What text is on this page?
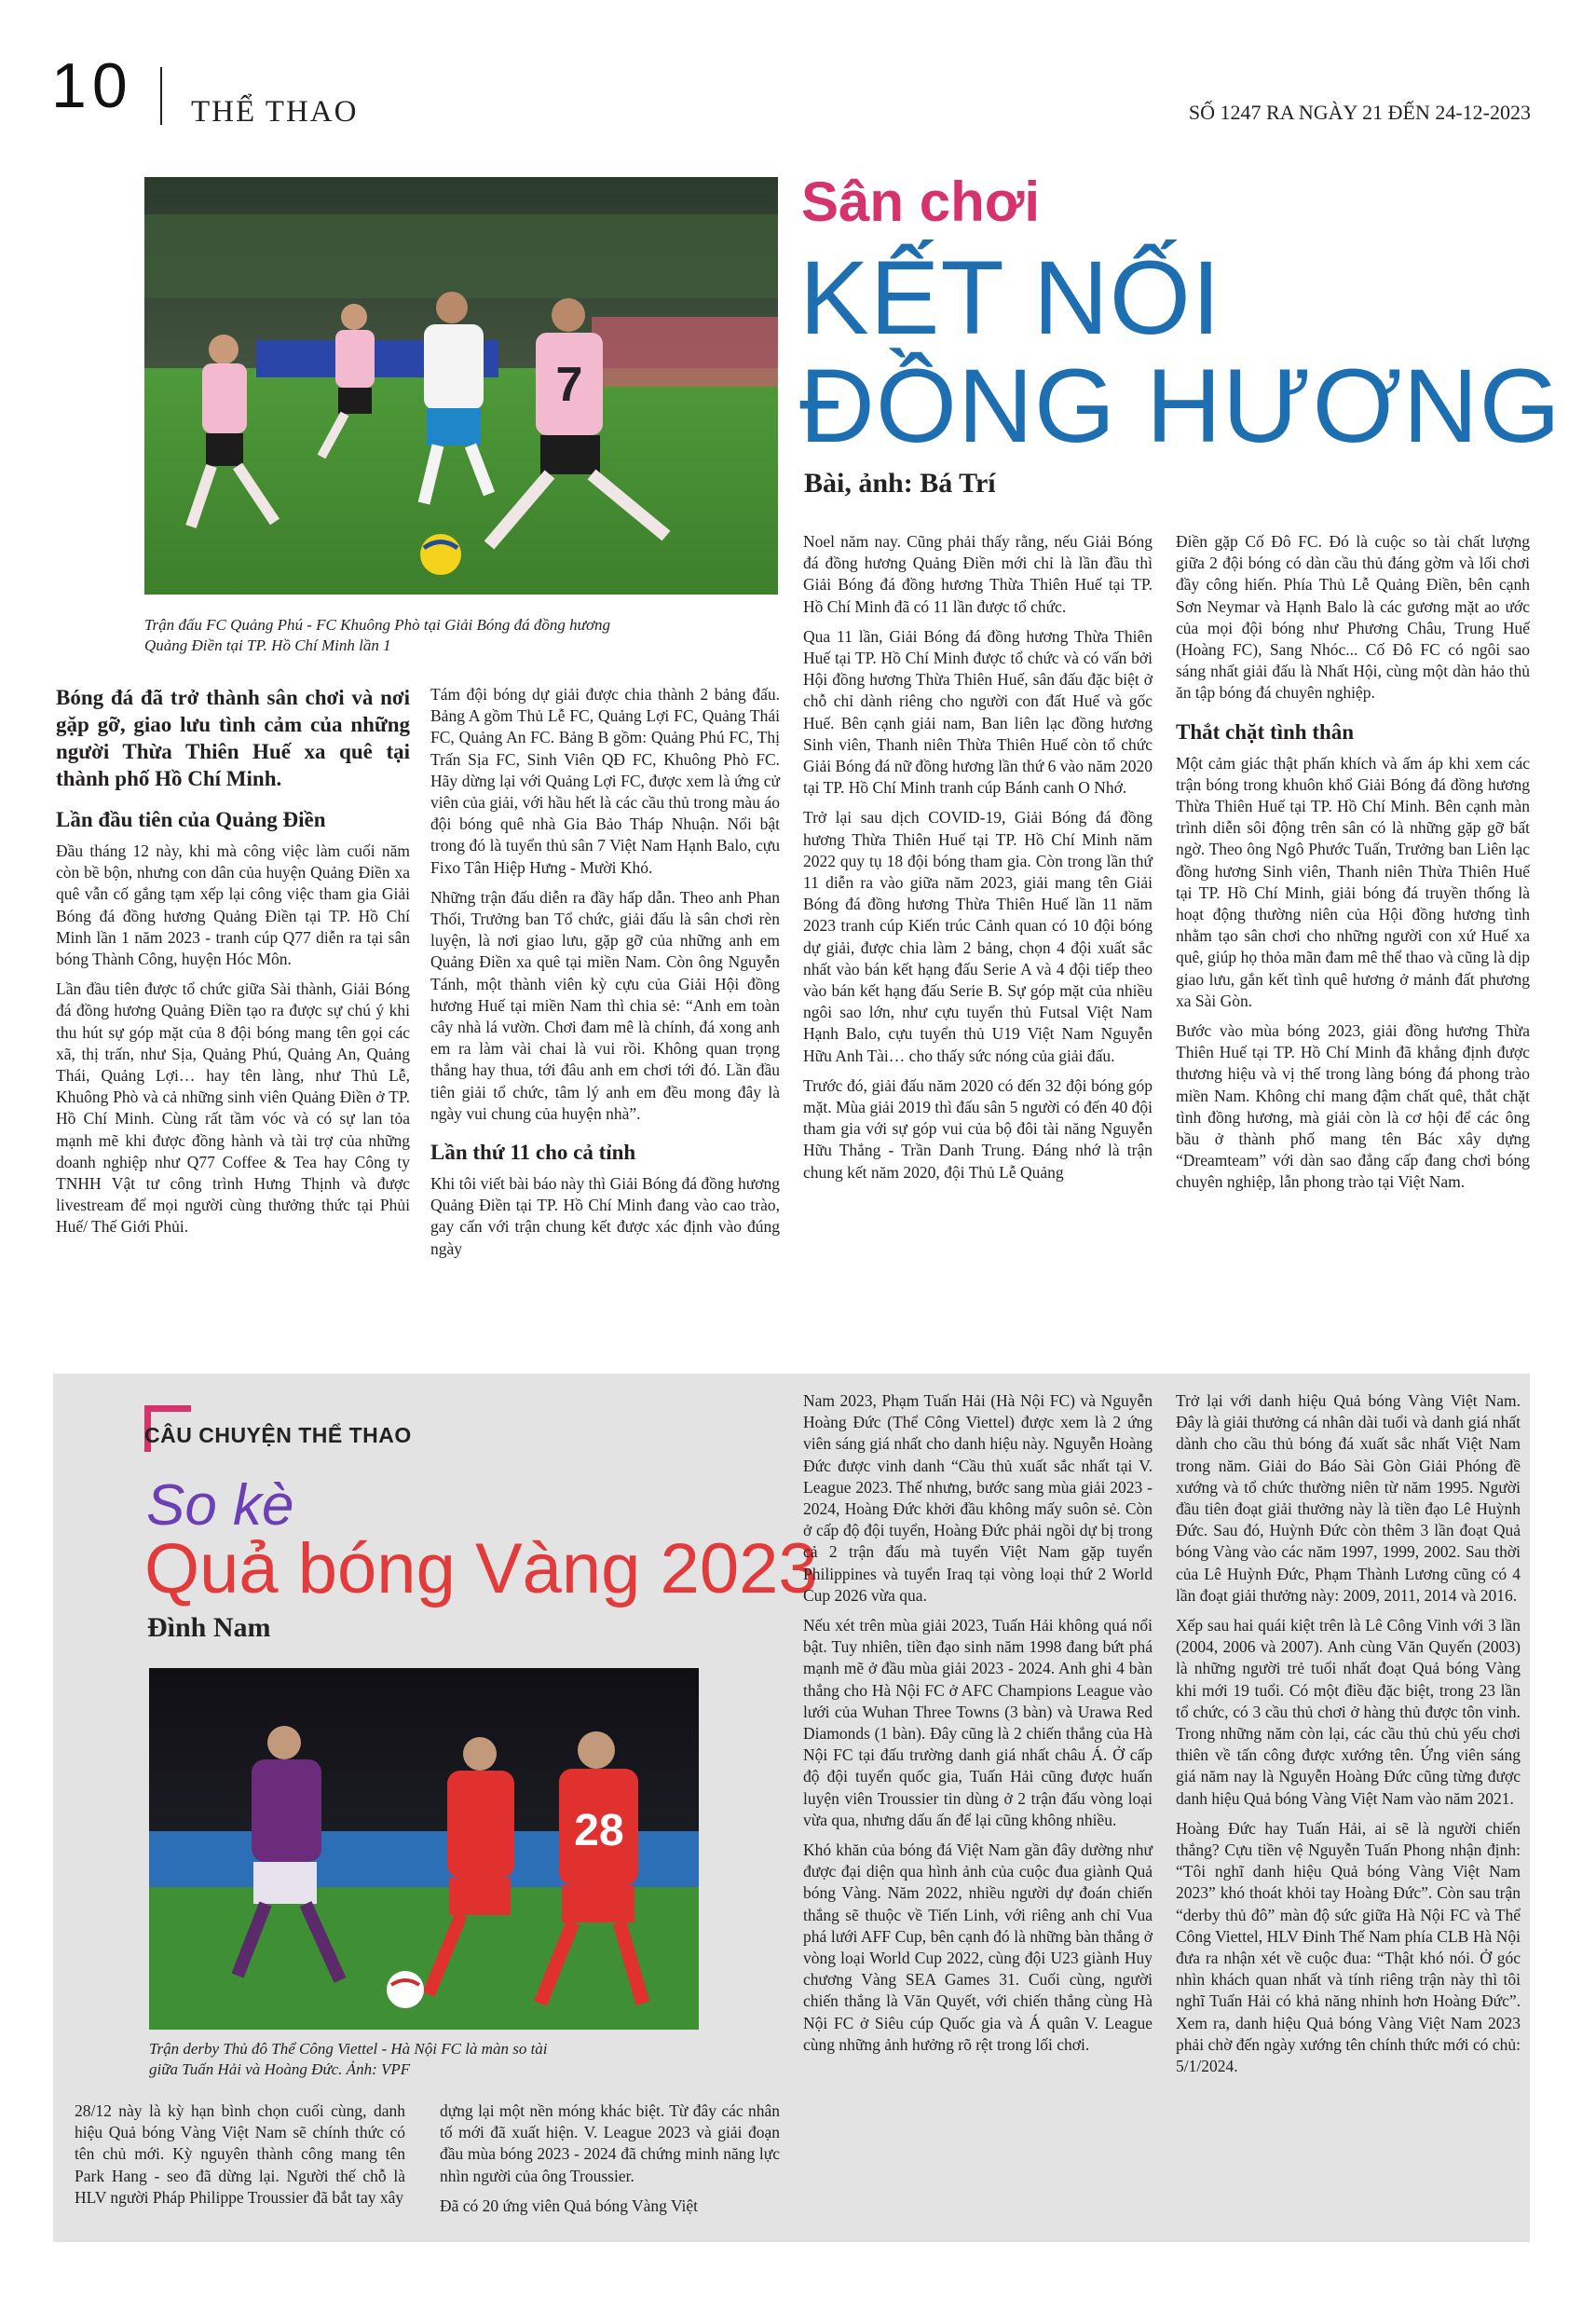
10 THỂ THAO	SỐ 1247 RA NGÀY 21 ĐẾN 24-12-2023
7
Trận đấu FC Quảng Phú - FC Khuông Phò tại Giải Bóng đá đồng hương
Quảng Điền tại TP. Hồ Chí Minh lần 1
Sân chơi
KẾT NỐI
ĐỒNG HƯƠNG
Bài, ảnh: Bá Trí
Bóng đá đã trở thành sân chơi và nơi gặp gỡ, giao lưu tình cảm của những người Thừa Thiên Huế xa quê tại thành phố Hồ Chí Minh.
Lần đầu tiên của Quảng Điền

Đầu tháng 12 này, khi mà công việc làm cuối năm còn bề bộn, nhưng con dân của huyện Quảng Điền xa quê vẫn cố gắng tạm xếp lại công việc tham gia Giải Bóng đá đồng hương Quảng Điền tại TP. Hồ Chí Minh lần 1 năm 2023 - tranh cúp Q77 diễn ra tại sân bóng Thành Công, huyện Hóc Môn.

Lần đầu tiên được tổ chức giữa Sài thành, Giải Bóng đá đồng hương Quảng Điền tạo ra được sự chú ý khi thu hút sự góp mặt của 8 đội bóng mang tên gọi các xã, thị trấn, như Sịa, Quảng Phú, Quảng An, Quảng Thái, Quảng Lợi… hay tên làng, như Thủ Lễ, Khuông Phò và cả những sinh viên Quảng Điền ở TP. Hồ Chí Minh. Cùng rất tầm vóc và có sự lan tỏa mạnh mẽ khi được đồng hành và tài trợ của những doanh nghiệp như Q77 Coffee & Tea hay Công ty TNHH Vật tư công trình Hưng Thịnh và được livestream để mọi người cùng thưởng thức tại Phủi Huế/ Thế Giới Phủi.

Tám đội bóng dự giải được chia thành 2 bảng đấu. Bảng A gồm Thủ Lễ FC, Quảng Lợi FC, Quảng Thái FC, Quảng An FC. Bảng B gồm: Quảng Phú FC, Thị Trấn Sịa FC, Sinh Viên QĐ FC, Khuông Phò FC. Hãy dừng lại với Quảng Lợi FC, được xem là ứng cử viên của giải, với hầu hết là các cầu thủ trong màu áo đội bóng quê nhà Gia Bảo Tháp Nhuận. Nổi bật trong đó là tuyển thủ sân 7 Việt Nam Hạnh Balo, cựu Fixo Tân Hiệp Hưng - Mười Khó.

Những trận đấu diễn ra đầy hấp dẫn. Theo anh Phan Thối, Trưởng ban Tổ chức, giải đấu là sân chơi rèn luyện, là nơi giao lưu, gặp gỡ của những anh em Quảng Điền xa quê tại miền Nam. Còn ông Nguyễn Tánh, một thành viên kỳ cựu của Giải Hội đồng hương Huế tại miền Nam thì chia sẻ: “Anh em toàn cây nhà lá vườn. Chơi đam mê là chính, đá xong anh em ra làm vài chai là vui rồi. Không quan trọng thắng hay thua, tới đâu anh em chơi tới đó. Lần đầu tiên giải tổ chức, tâm lý anh em đều mong đây là ngày vui chung của huyện nhà”.

Lần thứ 11 cho cả tỉnh

Khi tôi viết bài báo này thì Giải Bóng đá đồng hương Quảng Điền tại TP. Hồ Chí Minh đang vào cao trào, gay cấn với trận chung kết được xác định vào đúng ngày

Noel năm nay. Cũng phải thấy rằng, nếu Giải Bóng đá đồng hương Quảng Điền mới chỉ là lần đầu thì Giải Bóng đá đồng hương Thừa Thiên Huế tại TP. Hồ Chí Minh đã có 11 lần được tổ chức.

Qua 11 lần, Giải Bóng đá đồng hương Thừa Thiên Huế tại TP. Hồ Chí Minh được tổ chức và có vấn bởi Hội đồng hương Thừa Thiên Huế, sân đấu đặc biệt ở chỗ chỉ dành riêng cho người con đất Huế và gốc Huế. Bên cạnh giải nam, Ban liên lạc đồng hương Sinh viên, Thanh niên Thừa Thiên Huế còn tổ chức Giải Bóng đá nữ đồng hương lần thứ 6 vào năm 2020 tại TP. Hồ Chí Minh tranh cúp Bánh canh O Nhớ.

Trở lại sau dịch COVID-19, Giải Bóng đá đồng hương Thừa Thiên Huế tại TP. Hồ Chí Minh năm 2022 quy tụ 18 đội bóng tham gia. Còn trong lần thứ 11 diễn ra vào giữa năm 2023, giải mang tên Giải Bóng đá đồng hương Thừa Thiên Huế lần 11 năm 2023 tranh cúp Kiến trúc Cảnh quan có 10 đội bóng dự giải, được chia làm 2 bảng, chọn 4 đội xuất sắc nhất vào bán kết hạng đấu Serie A và 4 đội tiếp theo vào bán kết hạng đấu Serie B. Sự góp mặt của nhiều ngôi sao lớn, như cựu tuyển thủ Futsal Việt Nam Hạnh Balo, cựu tuyển thủ U19 Việt Nam Nguyễn Hữu Anh Tài… cho thấy sức nóng của giải đấu.

Trước đó, giải đấu năm 2020 có đến 32 đội bóng góp mặt. Mùa giải 2019 thì đấu sân 5 người có đến 40 đội tham gia với sự góp vui của bộ đôi tài năng Nguyễn Hữu Thắng - Trần Danh Trung. Đáng nhớ là trận chung kết năm 2020, đội Thủ Lễ Quảng

Điền gặp Cố Đô FC. Đó là cuộc so tài chất lượng giữa 2 đội bóng có dàn cầu thủ đáng gờm và lối chơi đầy công hiến. Phía Thủ Lễ Quảng Điền, bên cạnh Sơn Neymar và Hạnh Balo là các gương mặt ao ước của mọi đội bóng như Phương Châu, Trung Huế (Hoàng FC), Sang Nhóc... Cố Đô FC có ngôi sao sáng nhất giải đấu là Nhất Hội, cùng một dàn hảo thủ ăn tập bóng đá chuyên nghiệp.

Thắt chặt tình thân

Một cảm giác thật phấn khích và ấm áp khi xem các trận bóng trong khuôn khổ Giải Bóng đá đồng hương Thừa Thiên Huế tại TP. Hồ Chí Minh. Bên cạnh màn trình diễn sôi động trên sân có là những gặp gỡ bất ngờ. Theo ông Ngô Phước Tuấn, Trưởng ban Liên lạc đồng hương Sinh viên, Thanh niên Thừa Thiên Huế tại TP. Hồ Chí Minh, giải bóng đá truyền thống là hoạt động thường niên của Hội đồng hương tình nhằm tạo sân chơi cho những người con xứ Huế xa quê, giúp họ thỏa mãn đam mê thể thao và cũng là dịp giao lưu, gắn kết tình quê hương ở mảnh đất phương xa Sài Gòn.

Bước vào mùa bóng 2023, giải đồng hương Thừa Thiên Huế tại TP. Hồ Chí Minh đã khẳng định được thương hiệu và vị thế trong làng bóng đá phong trào miền Nam. Không chỉ mang đậm chất quê, thắt chặt tình đồng hương, mà giải còn là cơ hội để các ông bầu ở thành phố mang tên Bác xây dựng “Dreamteam” với dàn sao đẳng cấp đang chơi bóng chuyên nghiệp, lẫn phong trào tại Việt Nam.

CÂU CHUYỆN THỂ THAO
So kè
Quả bóng Vàng 2023
Đình Nam
28
Trận derby Thủ đô Thể Công Viettel - Hà Nội FC là màn so tài
giữa Tuấn Hải và Hoàng Đức. Ảnh: VPF

28/12 này là kỳ hạn bình chọn cuối cùng, danh hiệu Quả bóng Vàng Việt Nam sẽ chính thức có tên chủ mới. Kỳ nguyên thành công mang tên Park Hang - seo đã dừng lại. Người thế chỗ là HLV người Pháp Philippe Troussier đã bắt tay xây

dựng lại một nền móng khác biệt. Từ đây các nhân tố mới đã xuất hiện. V. League 2023 và giải đoạn đầu mùa bóng 2023 - 2024 đã chứng minh năng lực nhìn người của ông Troussier.

Đã có 20 ứng viên Quả bóng Vàng Việt

Nam 2023, Phạm Tuấn Hải (Hà Nội FC) và Nguyễn Hoàng Đức (Thể Công Viettel) được xem là 2 ứng viên sáng giá nhất cho danh hiệu này. Nguyễn Hoàng Đức được vinh danh “Cầu thủ xuất sắc nhất tại V. League 2023. Thế nhưng, bước sang mùa giải 2023 - 2024, Hoàng Đức khởi đầu không mấy suôn sẻ. Còn ở cấp độ đội tuyển, Hoàng Đức phải ngồi dự bị trong cả 2 trận đấu mà tuyển Việt Nam gặp tuyển Philippines và tuyển Iraq tại vòng loại thứ 2 World Cup 2026 vừa qua.

Nếu xét trên mùa giải 2023, Tuấn Hải không quá nổi bật. Tuy nhiên, tiền đạo sinh năm 1998 đang bứt phá mạnh mẽ ở đầu mùa giải 2023 - 2024. Anh ghi 4 bàn thắng cho Hà Nội FC ở AFC Champions League vào lưới của Wuhan Three Towns (3 bàn) và Urawa Red Diamonds (1 bàn). Đây cũng là 2 chiến thắng của Hà Nội FC tại đấu trường danh giá nhất châu Á. Ở cấp độ đội tuyển quốc gia, Tuấn Hải cũng được huấn luyện viên Troussier tin dùng ở 2 trận đấu vòng loại vừa qua, nhưng dấu ấn để lại cũng không nhiều.

Khó khăn của bóng đá Việt Nam gần đây dường như được đại diện qua hình ảnh của cuộc đua giành Quả bóng Vàng. Năm 2022, nhiều người dự đoán chiến thắng sẽ thuộc về Tiến Linh, với riêng anh chỉ Vua phá lưới AFF Cup, bên cạnh đó là những bàn thắng ở vòng loại World Cup 2022, cùng đội U23 giành Huy chương Vàng SEA Games 31. Cuối cùng, người chiến thắng là Văn Quyết, với chiến thắng cùng Hà Nội FC ở Siêu cúp Quốc gia và Á quân V. League cùng những ảnh hưởng rõ rệt trong lối chơi.

Trở lại với danh hiệu Quả bóng Vàng Việt Nam. Đây là giải thưởng cá nhân dài tuổi và danh giá nhất dành cho cầu thủ bóng đá xuất sắc nhất Việt Nam trong năm. Giải do Báo Sài Gòn Giải Phóng đề xướng và tổ chức thường niên từ năm 1995. Người đầu tiên đoạt giải thưởng này là tiền đạo Lê Huỳnh Đức. Sau đó, Huỳnh Đức còn thêm 3 lần đoạt Quả bóng Vàng vào các năm 1997, 1999, 2002. Sau thời của Lê Huỳnh Đức, Phạm Thành Lương cũng có 4 lần đoạt giải thưởng này: 2009, 2011, 2014 và 2016.

Xếp sau hai quái kiệt trên là Lê Công Vinh với 3 lần (2004, 2006 và 2007). Anh cùng Văn Quyến (2003) là những người trẻ tuổi nhất đoạt Quả bóng Vàng khi mới 19 tuổi. Có một điều đặc biệt, trong 23 lần tổ chức, có 3 cầu thủ chơi ở hàng thủ được tôn vinh. Trong những năm còn lại, các cầu thủ chủ yếu chơi thiên về tấn công được xướng tên. Ứng viên sáng giá năm nay là Nguyễn Hoàng Đức cũng từng được danh hiệu Quả bóng Vàng Việt Nam vào năm 2021.

Hoàng Đức hay Tuấn Hải, ai sẽ là người chiến thắng? Cựu tiền vệ Nguyễn Tuấn Phong nhận định: “Tôi nghĩ danh hiệu Quả bóng Vàng Việt Nam 2023” khó thoát khỏi tay Hoàng Đức”. Còn sau trận “derby thủ đô” màn độ sức giữa Hà Nội FC và Thể Công Viettel, HLV Đinh Thế Nam phía CLB Hà Nội đưa ra nhận xét về cuộc đua: “Thật khó nói. Ở góc nhìn khách quan nhất và tính riêng trận này thì tôi nghĩ Tuấn Hải có khả năng nhỉnh hơn Hoàng Đức”. Xem ra, danh hiệu Quả bóng Vàng Việt Nam 2023 phải chờ đến ngày xướng tên chính thức mới có chủ: 5/1/2024.
